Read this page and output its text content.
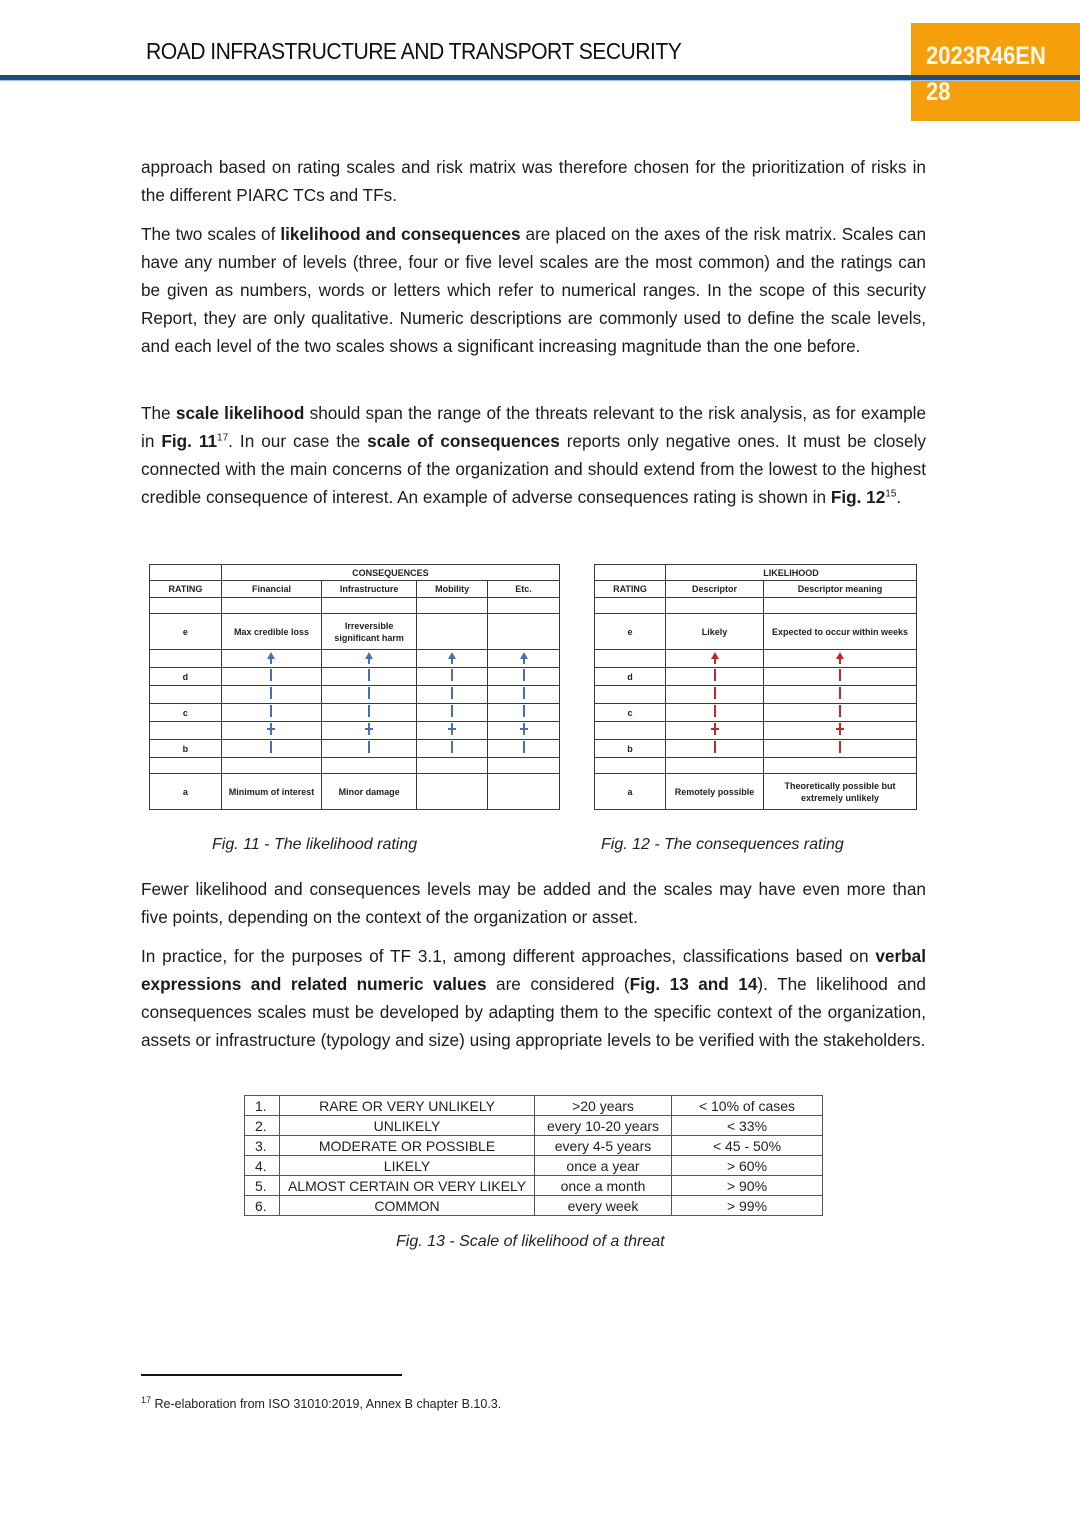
ROAD INFRASTRUCTURE AND TRANSPORT SECURITY	2023R46EN
28
approach based on rating scales and risk matrix was therefore chosen for the prioritization of risks in the different PIARC TCs and TFs.
The two scales of likelihood and consequences are placed on the axes of the risk matrix. Scales can have any number of levels (three, four or five level scales are the most common) and the ratings can be given as numbers, words or letters which refer to numerical ranges. In the scope of this security Report, they are only qualitative. Numeric descriptions are commonly used to define the scale levels, and each level of the two scales shows a significant increasing magnitude than the one before.
The scale likelihood should span the range of the threats relevant to the risk analysis, as for example in Fig. $11^{17}$. In our case the scale of consequences reports only negative ones. It must be closely connected with the main concerns of the organization and should extend from the lowest to the highest credible consequence of interest. An example of adverse consequences rating is shown in Fig. $12^{15}$.
	CONSEQUENCES			
RATING	Financial	Infrastructure	Mobility	Etc.

e	Max credible loss	Irreversible significant harm		

d				

c				

b				

a	Minimum of interest	Minor damage		
	LIKELIHOOD	
RATING	Descriptor	Descriptor meaning

e	Likely	Expected to occur within weeks

d		

c		

b		

a	Remotely possible	Theoretically possible but extremely unlikely
Fig. 11 - The likelihood rating	Fig. 12 - The consequences rating
Fewer likelihood and consequences levels may be added and the scales may have even more than five points, depending on the context of the organization or asset.
In practice, for the purposes of TF 3.1, among different approaches, classifications based on verbal expressions and related numeric values are considered (Fig. 13 and 14). The likelihood and consequences scales must be developed by adapting them to the specific context of the organization, assets or infrastructure (typology and size) using appropriate levels to be verified with the stakeholders.
1.	RARE OR VERY UNLIKELY	>20 years	< 10% of cases
2.	UNLIKELY	every 10-20 years	< 33%
3.	MODERATE OR POSSIBLE	every 4-5 years	< 45 - 50%
4.	LIKELY	once a year	> 60%
5.	ALMOST CERTAIN OR VERY LIKELY	once a month	> 90%
6.	COMMON	every week	> 99%
Fig. 13 - Scale of likelihood of a threat
$^{17}$ Re-elaboration from ISO 31010:2019, Annex B chapter B.10.3.
